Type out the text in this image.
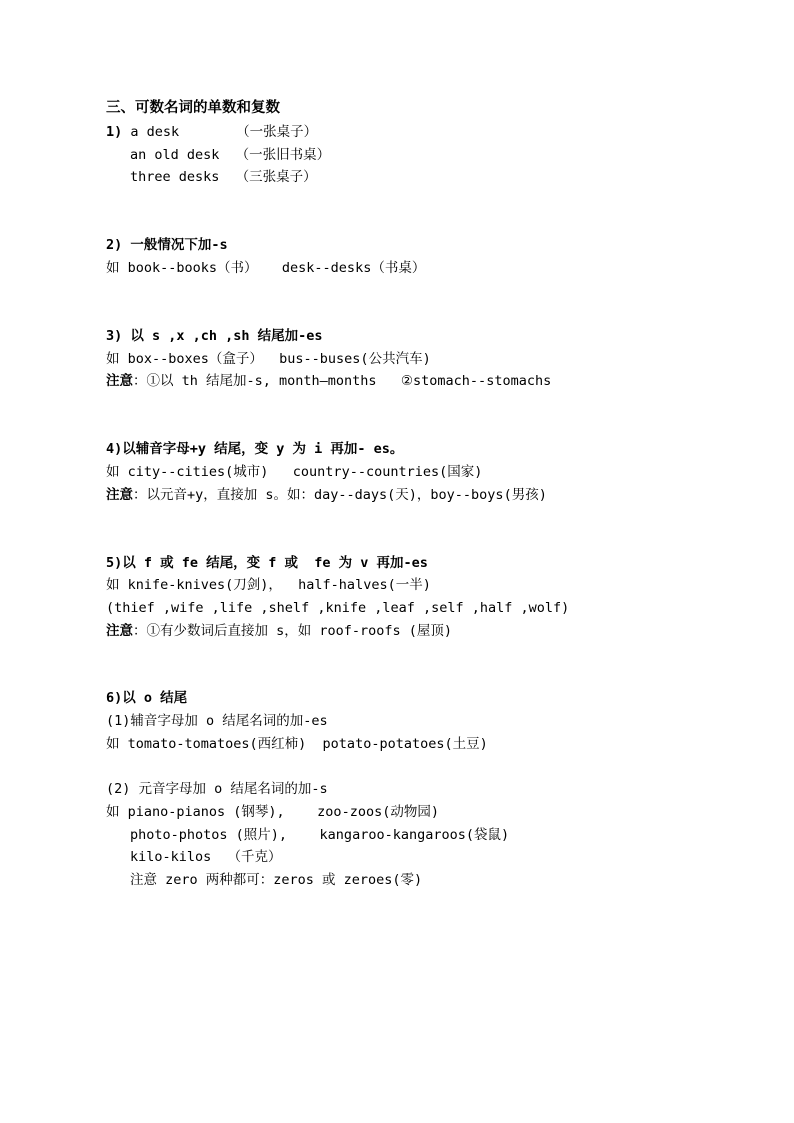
三、可数名词的单数和复数
1) a desk       （一张桌子）
an old desk  （一张旧书桌）
three desks  （三张桌子）
2) 一般情况下加-s
如 book--books（书）   desk--desks（书桌）
3) 以 s ,x ,ch ,sh 结尾加-es
如 box--boxes（盒子）  bus--buses(公共汽车)
注意：①以 th 结尾加-s, month—months   ②stomach--stomachs
4)以辅音字母+y 结尾，变 y 为 i 再加- es。
如 city--cities(城市)   country--countries(国家)
注意：以元音+y，直接加 s。如：day--days(天)，boy--boys(男孩)
5)以 f 或 fe 结尾，变 f 或  fe 为 v 再加-es
如 knife-knives(刀剑)，  half-halves(一半)
(thief ,wife ,life ,shelf ,knife ,leaf ,self ,half ,wolf)
注意：①有少数词后直接加 s，如 roof-roofs (屋顶)
6)以 o 结尾
(1)辅音字母加 o 结尾名词的加-es
如 tomato-tomatoes(西红柿)  potato-potatoes(土豆)
(2) 元音字母加 o 结尾名词的加-s
如 piano-pianos (钢琴),    zoo-zoos(动物园)
photo-photos (照片),    kangaroo-kangaroos(袋鼠)
kilo-kilos  （千克）
注意 zero 两种都可：zeros 或 zeroes(零)
